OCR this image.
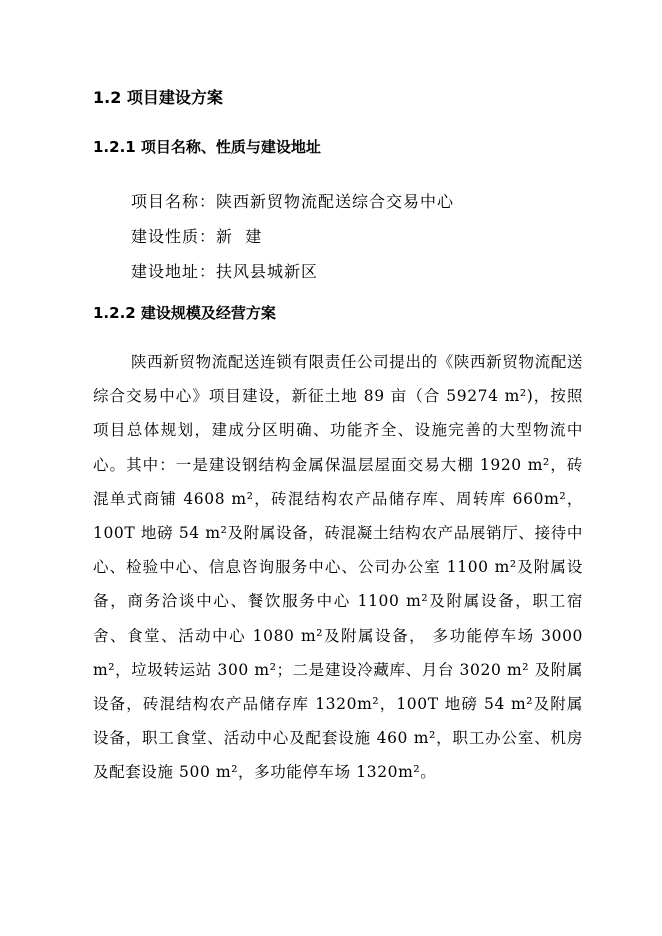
1.2 项目建设方案
1.2.1 项目名称、性质与建设地址
项目名称：陕西新贸物流配送综合交易中心
建设性质：新  建
建设地址：扶风县城新区
1.2.2 建设规模及经营方案

陕西新贸物流配送连锁有限责任公司提出的《陕西新贸物流配送综合交易中心》项目建设，新征土地 89 亩（合 59274 m²)，按照项目总体规划，建成分区明确、功能齐全、设施完善的大型物流中心。其中：一是建设钢结构金属保温层屋面交易大棚 1920 m²，砖混单式商铺 4608 m²，砖混结构农产品储存库、周转库 660m²，100T 地磅 54 m²及附属设备，砖混凝土结构农产品展销厅、接待中心、检验中心、信息咨询服务中心、公司办公室 1100 m²及附属设备，商务洽谈中心、餐饮服务中心 1100 m²及附属设备，职工宿舍、食堂、活动中心 1080 m²及附属设备， 多功能停车场 3000 m²，垃圾转运站 300 m²；二是建设冷藏库、月台 3020 m² 及附属设备，砖混结构农产品储存库 1320m²，100T 地磅 54 m²及附属设备，职工食堂、活动中心及配套设施 460 m²，职工办公室、机房及配套设施 500 m²，多功能停车场 1320m²。
